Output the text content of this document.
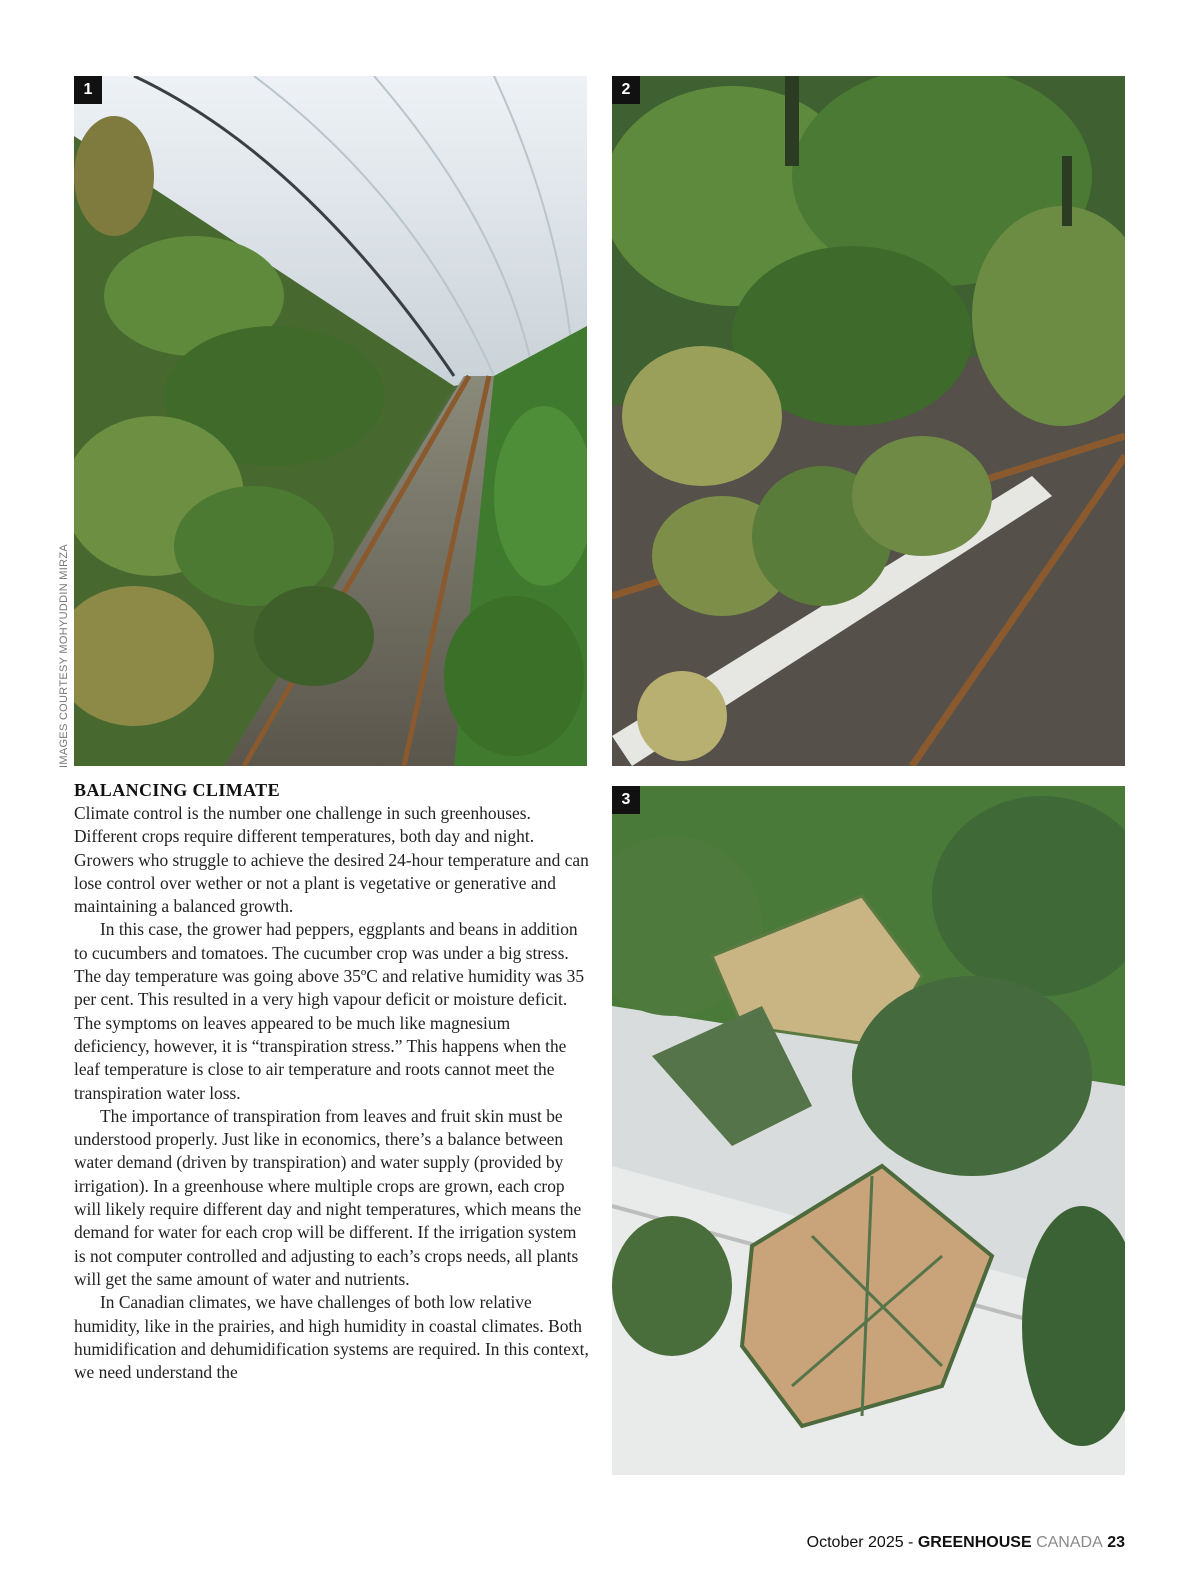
1	2
3
IMAGES COURTESY MOHYUDDIN MIRZA
BALANCING CLIMATE

Climate control is the number one challenge in such greenhouses. Different crops require different temperatures, both day and night. Growers who struggle to achieve the desired 24-hour temperature and can lose control over wether or not a plant is vegetative or generative and maintaining a balanced growth.

In this case, the grower had peppers, eggplants and beans in addition to cucumbers and tomatoes. The cucumber crop was under a big stress. The day temperature was going above 35ºC and relative humidity was 35 per cent. This resulted in a very high vapour deficit or moisture deficit. The symptoms on leaves appeared to be much like magnesium deficiency, however, it is “transpiration stress.” This happens when the leaf temperature is close to air temperature and roots cannot meet the transpiration water loss.

The importance of transpiration from leaves and fruit skin must be understood properly. Just like in economics, there’s a balance between water demand (driven by transpiration) and water supply (provided by irrigation). In a greenhouse where multiple crops are grown, each crop will likely require different day and night temperatures, which means the demand for water for each crop will be different. If the irrigation system is not computer controlled and adjusting to each’s crops needs, all plants will get the same amount of water and nutrients.

In Canadian climates, we have challenges of both low relative humidity, like in the prairies, and high humidity in coastal climates. Both humidification and dehumidification systems are required. In this context, we need understand the

October 2025 - GREENHOUSE CANADA 23
